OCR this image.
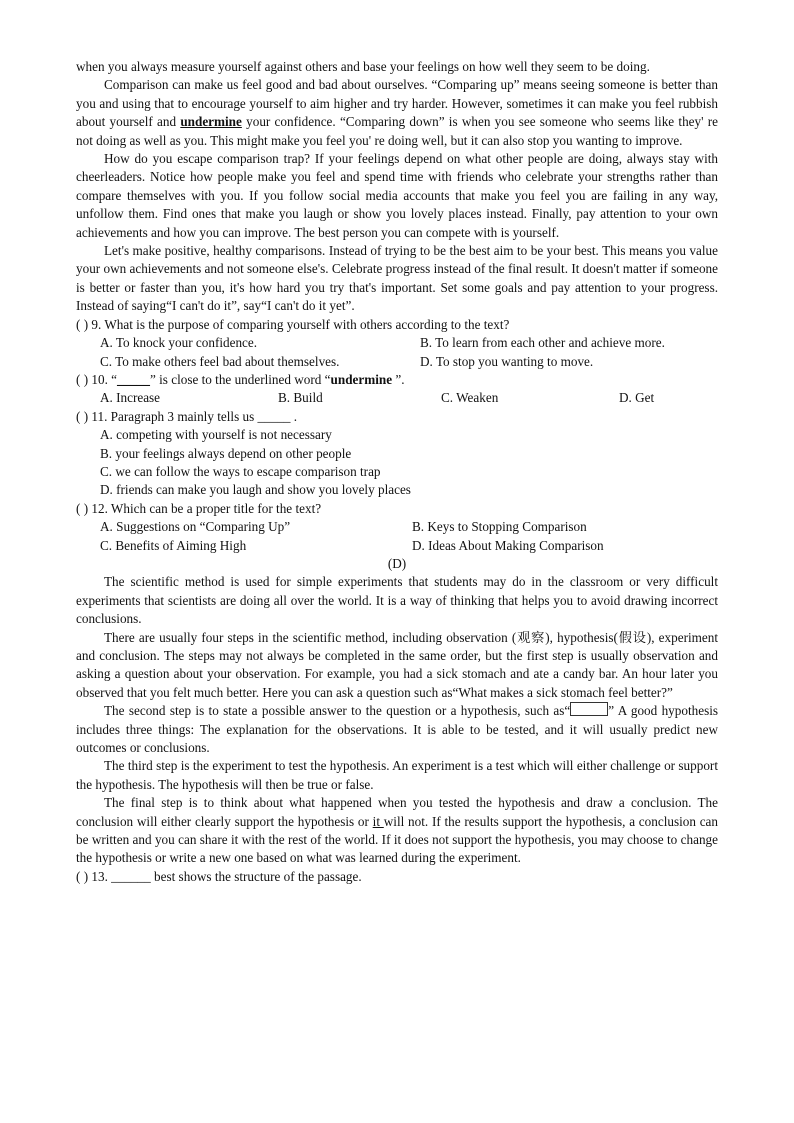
when you always measure yourself against others and base your feelings on how well they seem to be doing.

Comparison can make us feel good and bad about ourselves. “Comparing up” means seeing someone is better than you and using that to encourage yourself to aim higher and try harder. However, sometimes it can make you feel rubbish about yourself and undermine your confidence. “Comparing down” is when you see someone who seems like they' re not doing as well as you. This might make you feel you' re doing well, but it can also stop you wanting to improve.

How do you escape comparison trap? If your feelings depend on what other people are doing, always stay with cheerleaders. Notice how people make you feel and spend time with friends who celebrate your strengths rather than compare themselves with you. If you follow social media accounts that make you feel you are failing in any way, unfollow them. Find ones that make you laugh or show you lovely places instead. Finally, pay attention to your own achievements and how you can improve. The best person you can compete with is yourself.

Let's make positive, healthy comparisons. Instead of trying to be the best aim to be your best. This means you value your own achievements and not someone else's. Celebrate progress instead of the final result. It doesn't matter if someone is better or faster than you, it's how hard you try that's important. Set some goals and pay attention to your progress. Instead of saying“I can't do it”, say“I can't do it yet”.

( ) 9. What is the purpose of comparing yourself with others according to the text?

A. To knock your confidence.	B. To learn from each other and achieve more.
C. To make others feel bad about themselves.	D. To stop you wanting to move.

( ) 10. “_____” is close to the underlined word “undermine ”.

A. Increase	B. Build	C. Weaken	D. Get

( ) 11. Paragraph 3 mainly tells us _____ .

A. competing with yourself is not necessary

B. your feelings always depend on other people

C. we can follow the ways to escape comparison trap

D. friends can make you laugh and show you lovely places

( ) 12. Which can be a proper title for the text?

A. Suggestions on “Comparing Up”	B. Keys to Stopping Comparison
C. Benefits of Aiming High	D. Ideas About Making Comparison

(D)

The scientific method is used for simple experiments that students may do in the classroom or very difficult experiments that scientists are doing all over the world. It is a way of thinking that helps you to avoid drawing incorrect conclusions.

There are usually four steps in the scientific method, including observation (观察), hypothesis(假设), experiment and conclusion. The steps may not always be completed in the same order, but the first step is usually observation and asking a question about your observation. For example, you had a sick stomach and ate a candy bar. An hour later you observed that you felt much better. Here you can ask a question such as“What makes a sick stomach feel better?”

The second step is to state a possible answer to the question or a hypothesis, such as“	” A good hypothesis includes three things: The explanation for the observations. It is able to be tested, and it will usually predict new outcomes or conclusions.

The third step is the experiment to test the hypothesis. An experiment is a test which will either challenge or support the hypothesis. The hypothesis will then be true or false.

The final step is to think about what happened when you tested the hypothesis and draw a conclusion. The conclusion will either clearly support the hypothesis or it will not. If the results support the hypothesis, a conclusion can be written and you can share it with the rest of the world. If it does not support the hypothesis, you may choose to change the hypothesis or write a new one based on what was learned during the experiment.

( ) 13. ______ best shows the structure of the passage.
